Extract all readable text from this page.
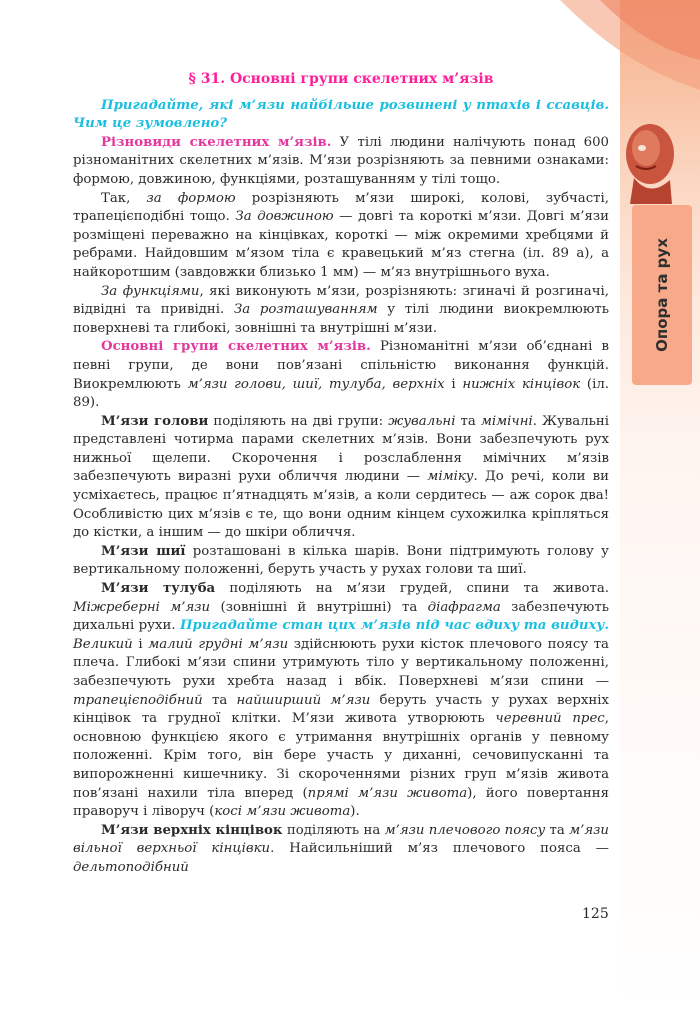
Опора та рух
§ 31. Основні групи скелетних м’язів

Пригадайте, які м’язи найбільше розвинені у птахів і ссавців. Чим це зумовлено?

Різновиди скелетних м’язів. У тілі людини налічують понад 600 різноманітних скелетних м’язів. М’язи розрізняють за певними ознаками: формою, довжиною, функціями, розташуванням у тілі тощо.

Так, за формою розрізняють м’язи широкі, колові, зубчасті, трапецієподібні тощо. За довжиною — довгі та короткі м’язи. Довгі м’язи розміщені переважно на кінцівках, короткі — між окремими хребцями й ребрами. Найдовшим м’язом тіла є кравецький м’яз стегна (іл. 89 а), а найкоротшим (завдовжки близько 1 мм) — м’яз внутрішнього вуха.

За функціями, які виконують м’язи, розрізняють: згиначі й розгиначі, відвідні та привідні. За розташуванням у тілі людини виокремлюють поверхневі та глибокі, зовнішні та внутрішні м’язи.

Основні групи скелетних м’язів. Різноманітні м’язи об’єднані в певні групи, де вони пов’язані спільністю виконання функцій. Виокремлюють м’язи голови, шиї, тулуба, верхніх і нижніх кінцівок (іл. 89).

М’язи голови поділяють на дві групи: жувальні та мімічні. Жувальні представлені чотирма парами скелетних м’язів. Вони забезпечують рух нижньої щелепи. Скорочення і розслаблення мімічних м’язів забезпечують виразні рухи обличчя людини — міміку. До речі, коли ви усміхаєтесь, працює п’ятнадцять м’язів, а коли сердитесь — аж сорок два! Особливістю цих м’язів є те, що вони одним кінцем сухожилка кріпляться до кістки, а іншим — до шкіри обличчя.

М’язи шиї розташовані в кілька шарів. Вони підтримують голову у вертикальному положенні, беруть участь у рухах голови та шиї.

М’язи тулуба поділяють на м’язи грудей, спини та живота. Міжреберні м’язи (зовнішні й внутрішні) та діафрагма забезпечують дихальні рухи. Пригадайте стан цих м’язів під час вдиху та видиху. Великий і малий грудні м’язи здійснюють рухи кісток плечового поясу та плеча. Глибокі м’язи спини утримують тіло у вертикальному положенні, забезпечують рухи хребта назад і вбік. Поверхневі м’язи спини — трапецієподібний та найширший м’язи беруть участь у рухах верхніх кінцівок та грудної клітки. М’язи живота утворюють черевний прес, основною функцією якого є утримання внутрішніх органів у певному положенні. Крім того, він бере участь у диханні, сечовипусканні та випорожненні кишечнику. Зі скороченнями різних груп м’язів живота пов’язані нахили тіла вперед (прямі м’язи живота), його повертання праворуч і ліворуч (косі м’язи живота).

М’язи верхніх кінцівок поділяють на м’язи плечового поясу та м’язи вільної верхньої кінцівки. Найсильніший м’яз плечового пояса — дельтоподібний

125
